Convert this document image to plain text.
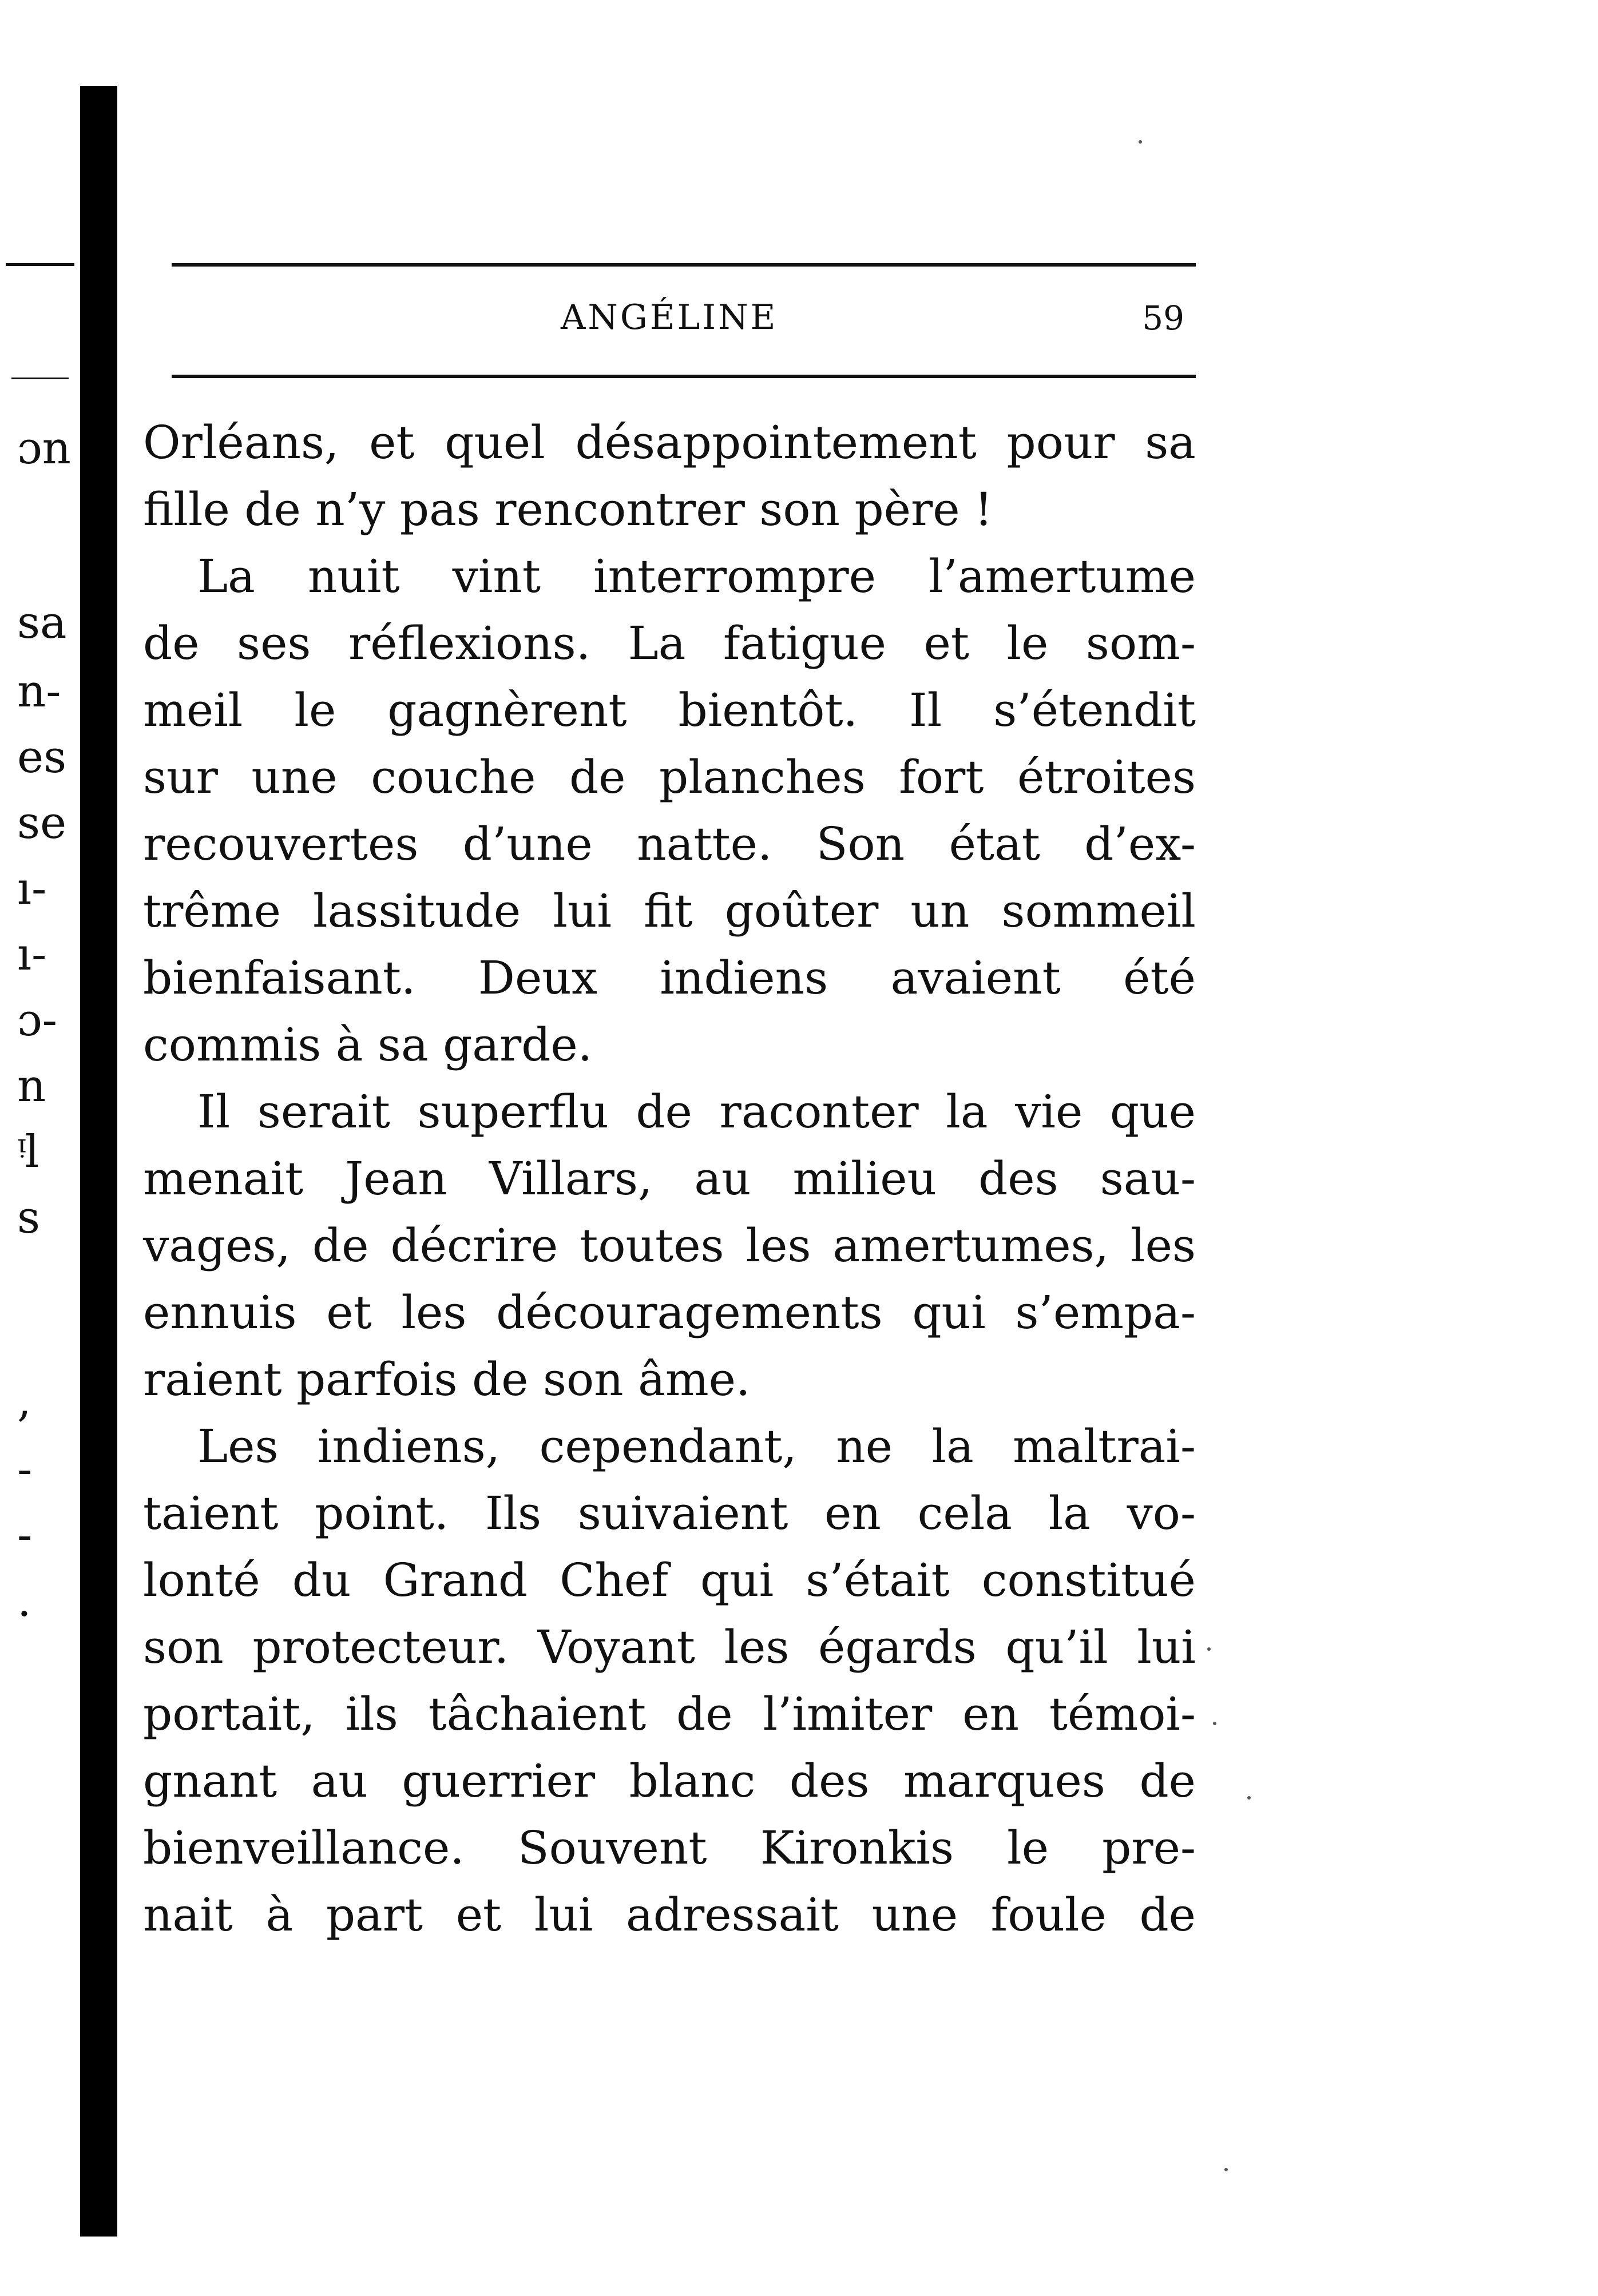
ɔn
sa
n-
es
se
ı-
ı-
ɔ-
n
ᵎl
s
,
-
-
.
ANGÉLINE	59
Orléans, et quel désappointement pour sa
fille de n’y pas rencontrer son père !
La nuit vint interrompre l’amertume
de ses réflexions. La fatigue et le som-
meil le gagnèrent bientôt. Il s’étendit
sur une couche de planches fort étroites
recouvertes d’une natte. Son état d’ex-
trême lassitude lui fit goûter un sommeil
bienfaisant. Deux indiens avaient été
commis à sa garde.
Il serait superflu de raconter la vie que
menait Jean Villars, au milieu des sau-
vages, de décrire toutes les amertumes, les
ennuis et les découragements qui s’empa-
raient parfois de son âme.
Les indiens, cependant, ne la maltrai-
taient point. Ils suivaient en cela la vo-
lonté du Grand Chef qui s’était constitué
son protecteur. Voyant les égards qu’il lui
portait, ils tâchaient de l’imiter en témoi-
gnant au guerrier blanc des marques de
bienveillance. Souvent Kironkis le pre-
nait à part et lui adressait une foule de
